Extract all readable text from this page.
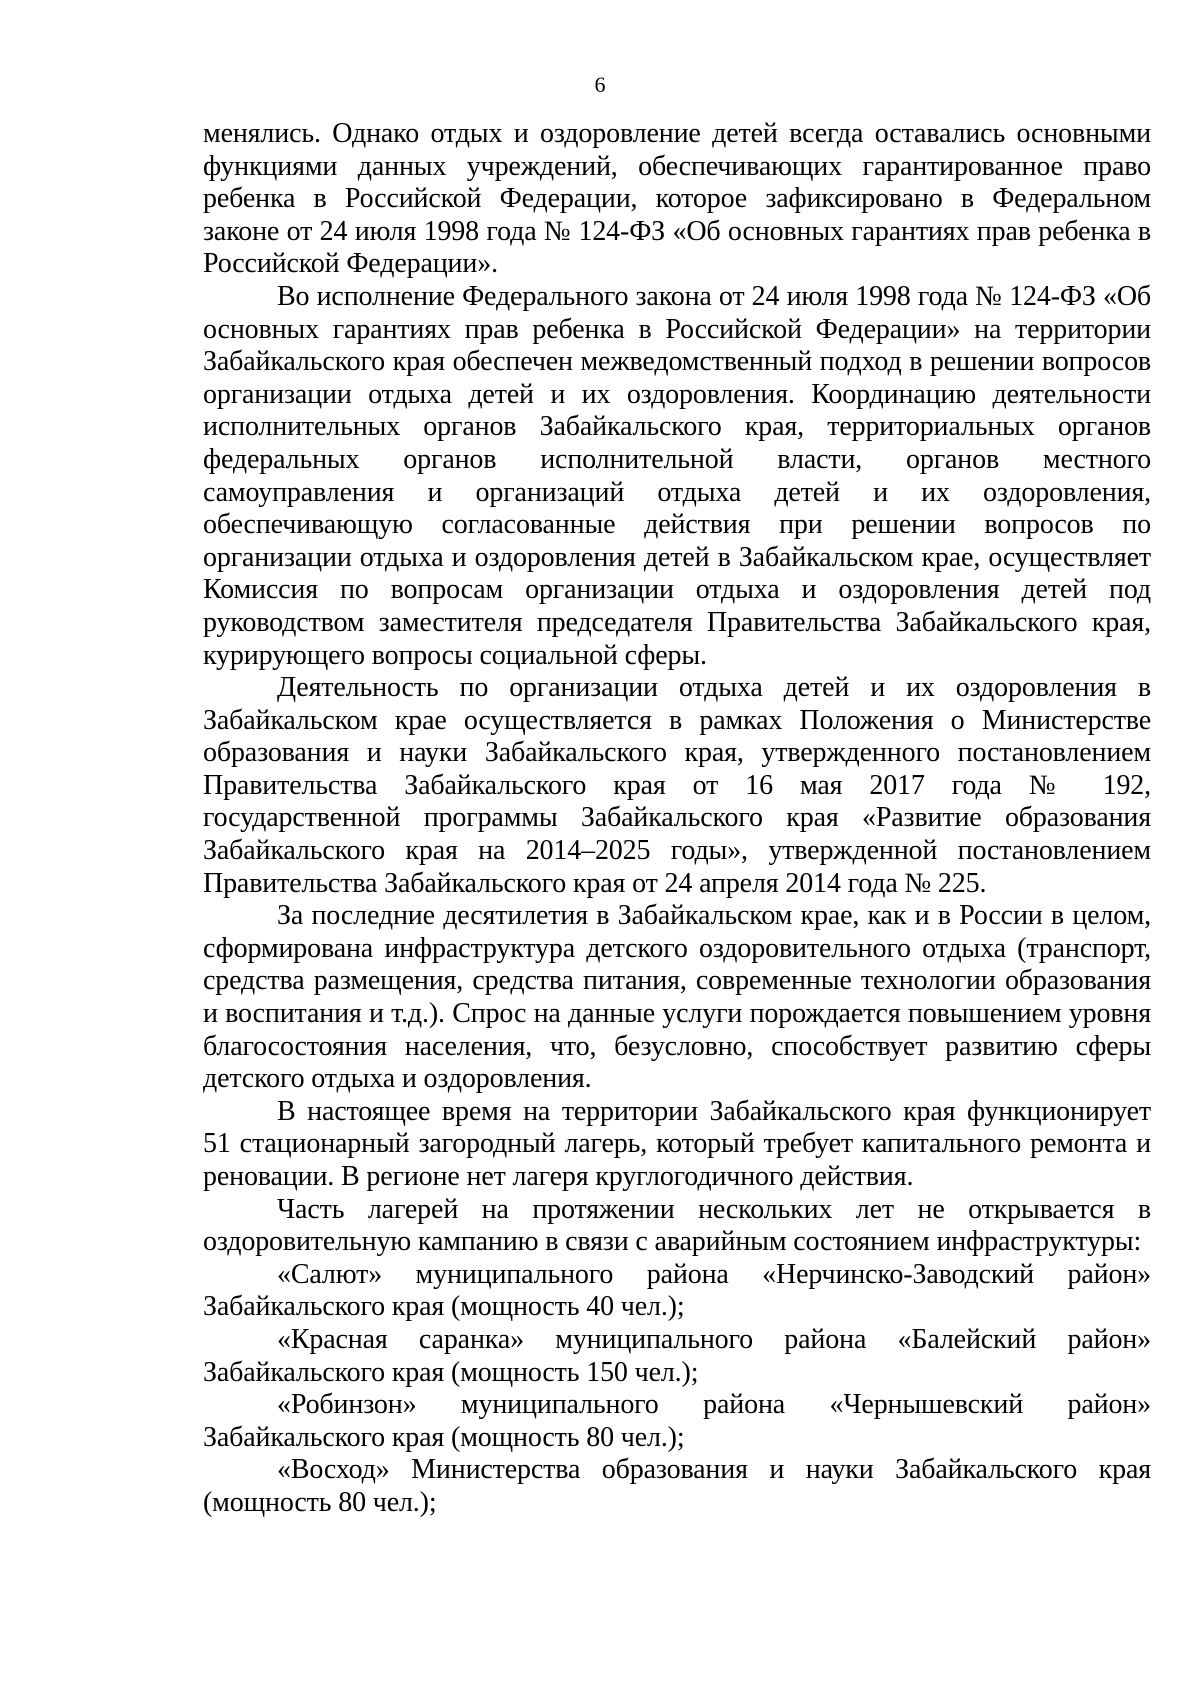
6

менялись. Однако отдых и оздоровление детей всегда оставались основными функциями данных учреждений, обеспечивающих гарантированное право ребенка в Российской Федерации, которое зафиксировано в Федеральном законе от 24 июля 1998 года № 124-ФЗ «Об основных гарантиях прав ребенка в Российской Федерации».

Во исполнение Федерального закона от 24 июля 1998 года № 124-ФЗ «Об основных гарантиях прав ребенка в Российской Федерации» на территории Забайкальского края обеспечен межведомственный подход в решении вопросов организации отдыха детей и их оздоровления. Координацию деятельности исполнительных органов Забайкальского края, территориальных органов федеральных органов исполнительной власти, органов местного самоуправления и организаций отдыха детей и их оздоровления, обеспечивающую согласованные действия при решении вопросов по организации отдыха и оздоровления детей в Забайкальском крае, осуществляет Комиссия по вопросам организации отдыха и оздоровления детей под руководством заместителя председателя Правительства Забайкальского края, курирующего вопросы социальной сферы.

Деятельность по организации отдыха детей и их оздоровления в Забайкальском крае осуществляется в рамках Положения о Министерстве образования и науки Забайкальского края, утвержденного постановлением Правительства Забайкальского края от 16 мая 2017 года № 192, государственной программы Забайкальского края «Развитие образования Забайкальского края на 2014–2025 годы», утвержденной постановлением Правительства Забайкальского края от 24 апреля 2014 года № 225.

За последние десятилетия в Забайкальском крае, как и в России в целом, сформирована инфраструктура детского оздоровительного отдыха (транспорт, средства размещения, средства питания, современные технологии образования и воспитания и т.д.). Спрос на данные услуги порождается повышением уровня благосостояния населения, что, безусловно, способствует развитию сферы детского отдыха и оздоровления.

В настоящее время на территории Забайкальского края функционирует 51 стационарный загородный лагерь, который требует капитального ремонта и реновации. В регионе нет лагеря круглогодичного действия.

Часть лагерей на протяжении нескольких лет не открывается в оздоровительную кампанию в связи с аварийным состоянием инфраструктуры:

«Салют» муниципального района «Нерчинско-Заводский район» Забайкальского края (мощность 40 чел.);

«Красная саранка» муниципального района «Балейский район» Забайкальского края (мощность 150 чел.);

«Робинзон» муниципального района «Чернышевский район» Забайкальского края (мощность 80 чел.);

«Восход» Министерства образования и науки Забайкальского края (мощность 80 чел.);
